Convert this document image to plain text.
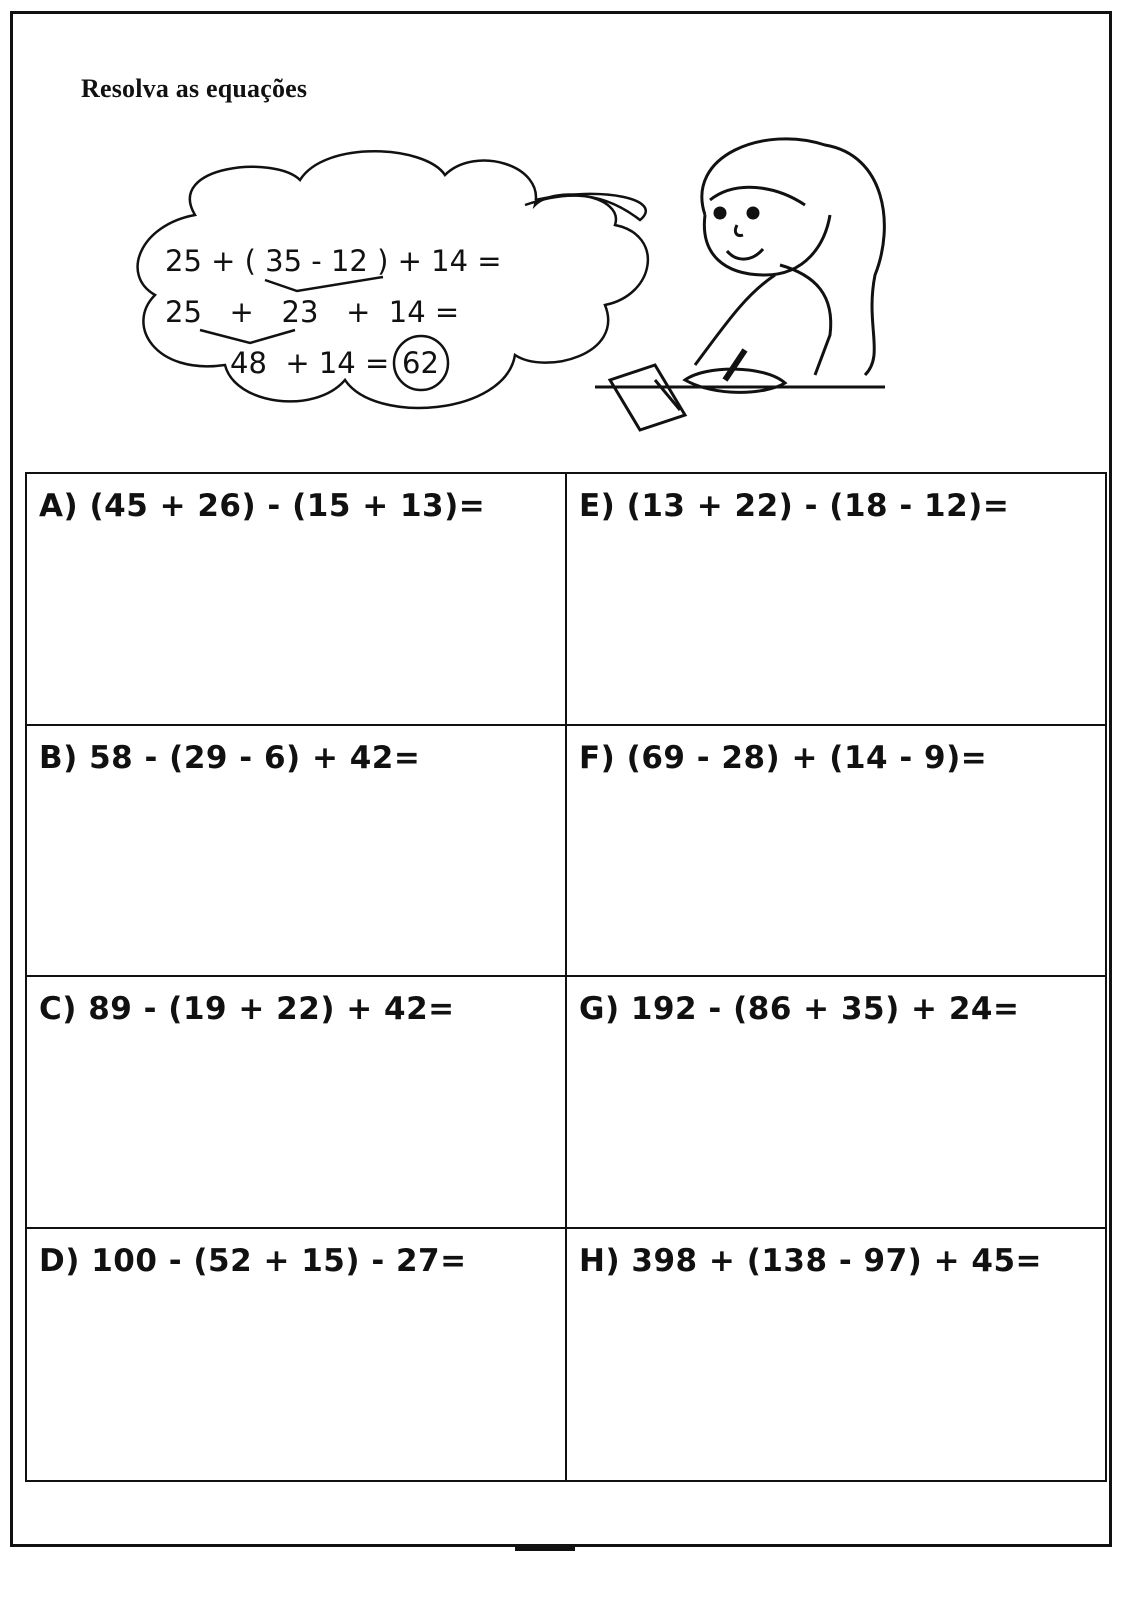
Resolva as equações
25 + ( 35 - 12 ) + 14 =
25   +   23   +  14 =
48  + 14 = 62
A) (45 + 26) - (15 + 13)=	E) (13 + 22) - (18 - 12)=
B) 58 - (29 - 6) + 42=	F) (69 - 28) + (14 - 9)=
C) 89 - (19 + 22) + 42=	G) 192 - (86 + 35) + 24=
D) 100 - (52 + 15) - 27=	H) 398 + (138 - 97) + 45=
